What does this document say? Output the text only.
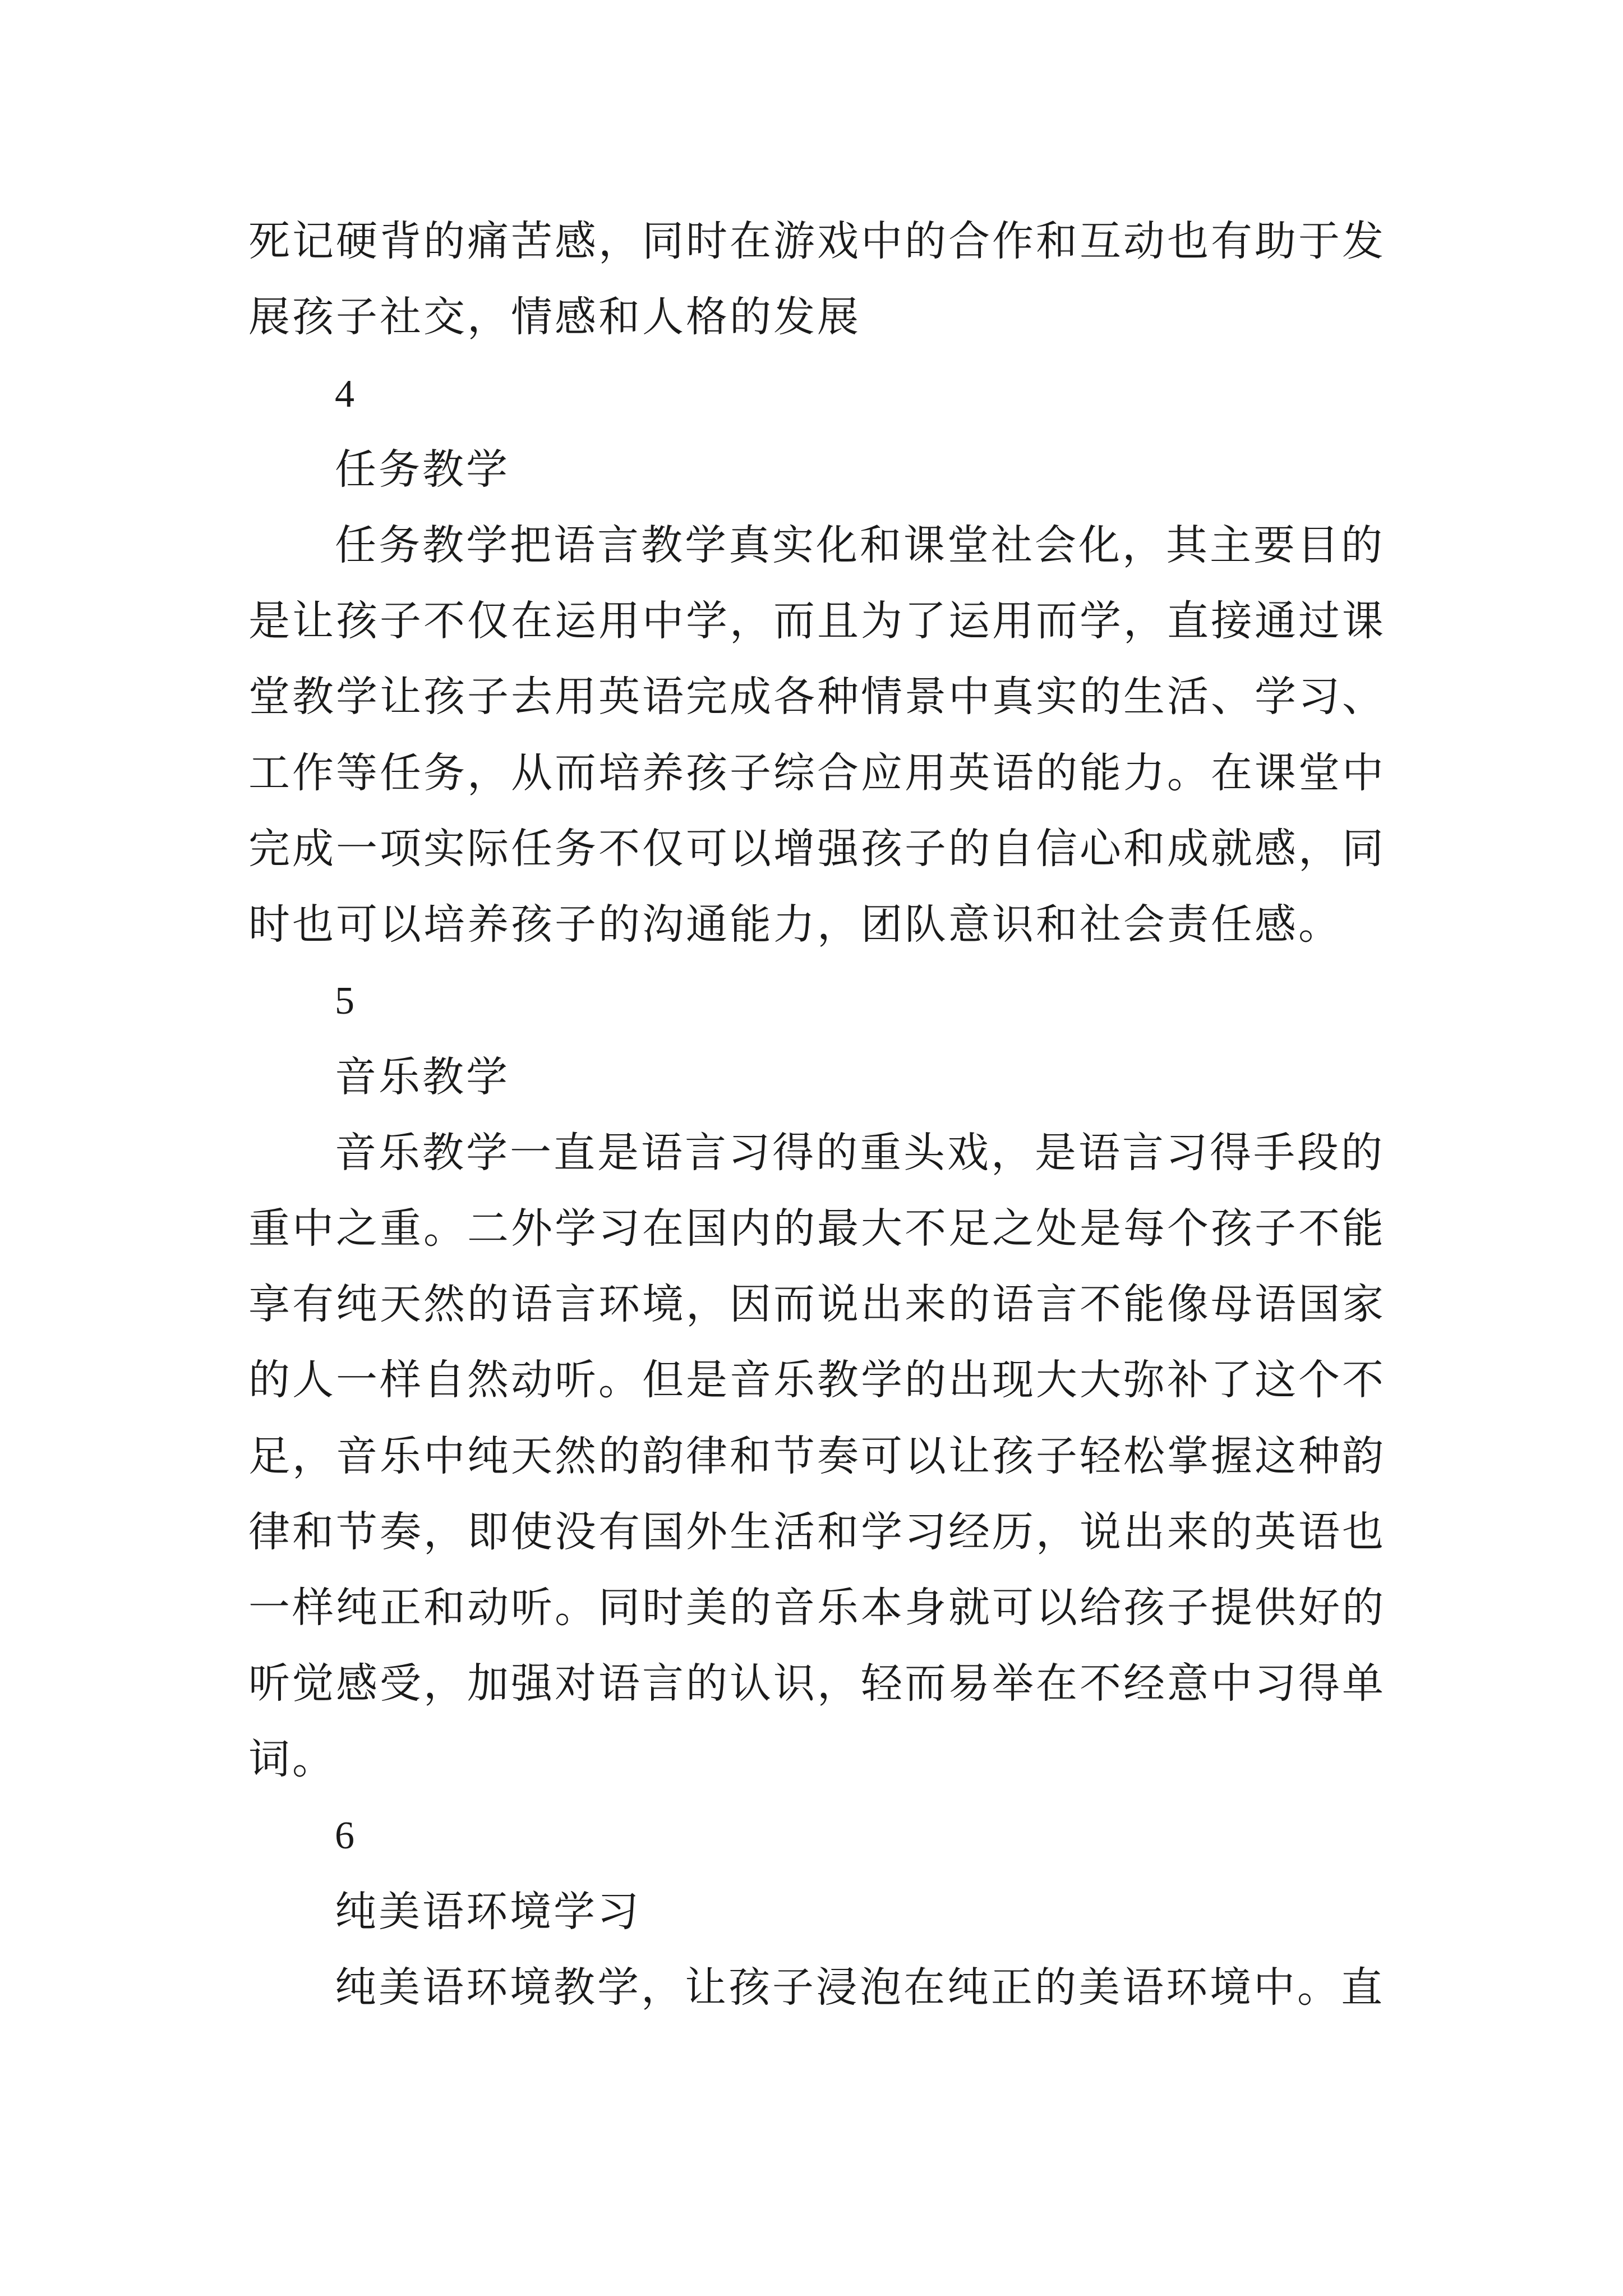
死记硬背的痛苦感，同时在游戏中的合作和互动也有助于发
展孩子社交，情感和人格的发展
4
任务教学
任务教学把语言教学真实化和课堂社会化，其主要目的
是让孩子不仅在运用中学，而且为了运用而学，直接通过课
堂教学让孩子去用英语完成各种情景中真实的生活、学习、
工作等任务，从而培养孩子综合应用英语的能力。在课堂中
完成一项实际任务不仅可以增强孩子的自信心和成就感，同
时也可以培养孩子的沟通能力，团队意识和社会责任感。
5
音乐教学
音乐教学一直是语言习得的重头戏，是语言习得手段的
重中之重。二外学习在国内的最大不足之处是每个孩子不能
享有纯天然的语言环境，因而说出来的语言不能像母语国家
的人一样自然动听。但是音乐教学的出现大大弥补了这个不
足，音乐中纯天然的韵律和节奏可以让孩子轻松掌握这种韵
律和节奏，即使没有国外生活和学习经历，说出来的英语也
一样纯正和动听。同时美的音乐本身就可以给孩子提供好的
听觉感受，加强对语言的认识，轻而易举在不经意中习得单
词。
6
纯美语环境学习
纯美语环境教学，让孩子浸泡在纯正的美语环境中。直
